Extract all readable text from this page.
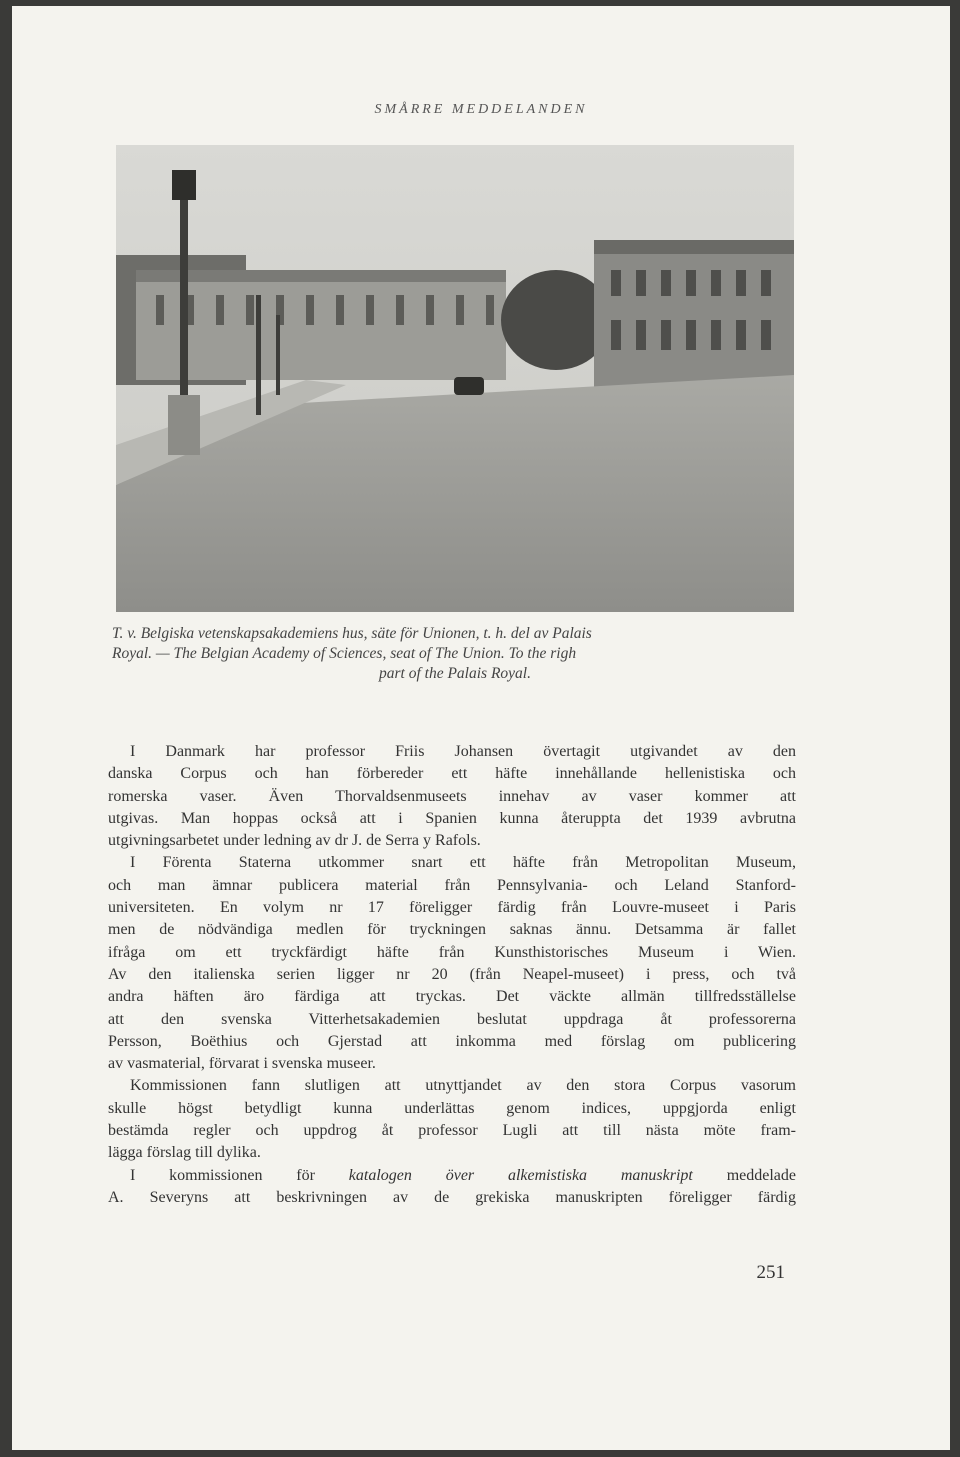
SMÅRRE MEDDELANDEN
T. v. Belgiska vetenskapsakademiens hus, säte för Unionen, t. h. del av Palais
Royal. — The Belgian Academy of Sciences, seat of The Union. To the righ
part of the Palais Royal.
I Danmark har professor Friis Johansen övertagit utgivandet av den
danska Corpus och han förbereder ett häfte innehållande hellenistiska och
romerska vaser. Även Thorvaldsenmuseets innehav av vaser kommer att
utgivas. Man hoppas också att i Spanien kunna återuppta det 1939 avbrutna
utgivningsarbetet under ledning av dr J. de Serra y Rafols.
I Förenta Staterna utkommer snart ett häfte från Metropolitan Museum,
och man ämnar publicera material från Pennsylvania- och Leland Stanford-
universiteten. En volym nr 17 föreligger färdig från Louvre-museet i Paris
men de nödvändiga medlen för tryckningen saknas ännu. Detsamma är fallet
ifråga om ett tryckfärdigt häfte från Kunsthistorisches Museum i Wien.
Av den italienska serien ligger nr 20 (från Neapel-museet) i press, och två
andra häften äro färdiga att tryckas. Det väckte allmän tillfredsställelse
att den svenska Vitterhetsakademien beslutat uppdraga åt professorerna
Persson, Boëthius och Gjerstad att inkomma med förslag om publicering
av vasmaterial, förvarat i svenska museer.
Kommissionen fann slutligen att utnyttjandet av den stora Corpus vasorum
skulle högst betydligt kunna underlättas genom indices, uppgjorda enligt
bestämda regler och uppdrog åt professor Lugli att till nästa möte fram-
lägga förslag till dylika.
I kommissionen för katalogen över alkemistiska manuskript meddelade
A. Severyns att beskrivningen av de grekiska manuskripten föreligger färdig
251
